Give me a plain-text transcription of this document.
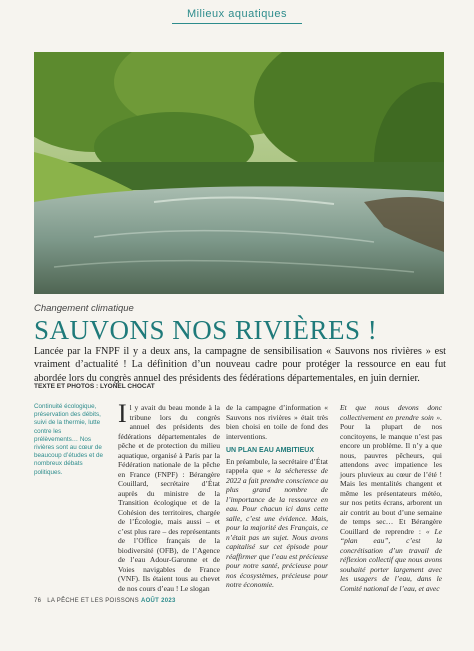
Milieux aquatiques
Changement climatique
SAUVONS NOS RIVIÈRES !
Lancée par la FNPF il y a deux ans, la campagne de sensibilisation « Sauvons nos rivières » est vraiment d’actualité ! La définition d’un nouveau cadre pour protéger la ressource en eau fut abordée lors du congrès annuel des présidents des fédérations départementales, en juin dernier.
TEXTE ET PHOTOS : LYONEL CHOCAT
Continuité écologique, préservation des débits, suivi de la thermie, lutte contre les prélèvements… Nos rivières sont au cœur de beaucoup d’études et de nombreux débats politiques.
Il y avait du beau monde à la tribune lors du congrès annuel des présidents des fédérations départementales de pêche et de protection du milieu aquatique, organisé à Paris par la Fédération nationale de la pêche en France (FNPF) : Bérangère Couillard, secrétaire d’État auprès du ministre de la Transition écologique et de la Cohésion des territoires, chargée de l’Écologie, mais aussi – et c’est plus rare – des représentants de l’Office français de la biodiversité (OFB), de l’Agence de l’eau Adour-Garonne et de Voies navigables de France (VNF). Ils étaient tous au chevet de nos cours d’eau ! Le slogan

de la campagne d’information « Sauvons nos rivières » était très bien choisi en toile de fond des interventions.

UN PLAN EAU AMBITIEUX

En préambule, la secrétaire d’État rappela que « la sécheresse de 2022 a fait prendre conscience au plus grand nombre de l’importance de la ressource en eau. Pour chacun ici dans cette salle, c’est une évidence. Mais, pour la majorité des Français, ce n’était pas un sujet. Nous avons capitalisé sur cet épisode pour réaffirmer que l’eau est précieuse pour notre santé, précieuse pour nos écosystèmes, précieuse pour notre économie.

Et que nous devons donc collectivement en prendre soin ». Pour la plupart de nos concitoyens, le manque n’est pas encore un problème. Il n’y a que nous, pauvres pêcheurs, qui attendons avec impatience les jours pluvieux au cœur de l’été ! Mais les mentalités changent et même les présentateurs météo, sur nos petits écrans, arborent un air contrit au bout d’une semaine de temps sec… Et Bérangère Couillard de reprendre : « Le “plan eau”, c’est la concrétisation d’un travail de réflexion collectif que nous avons souhaité porter largement avec les usagers de l’eau, dans le Comité national de l’eau, et avec

76 LA PÊCHE ET LES POISSONS AOÛT 2023
